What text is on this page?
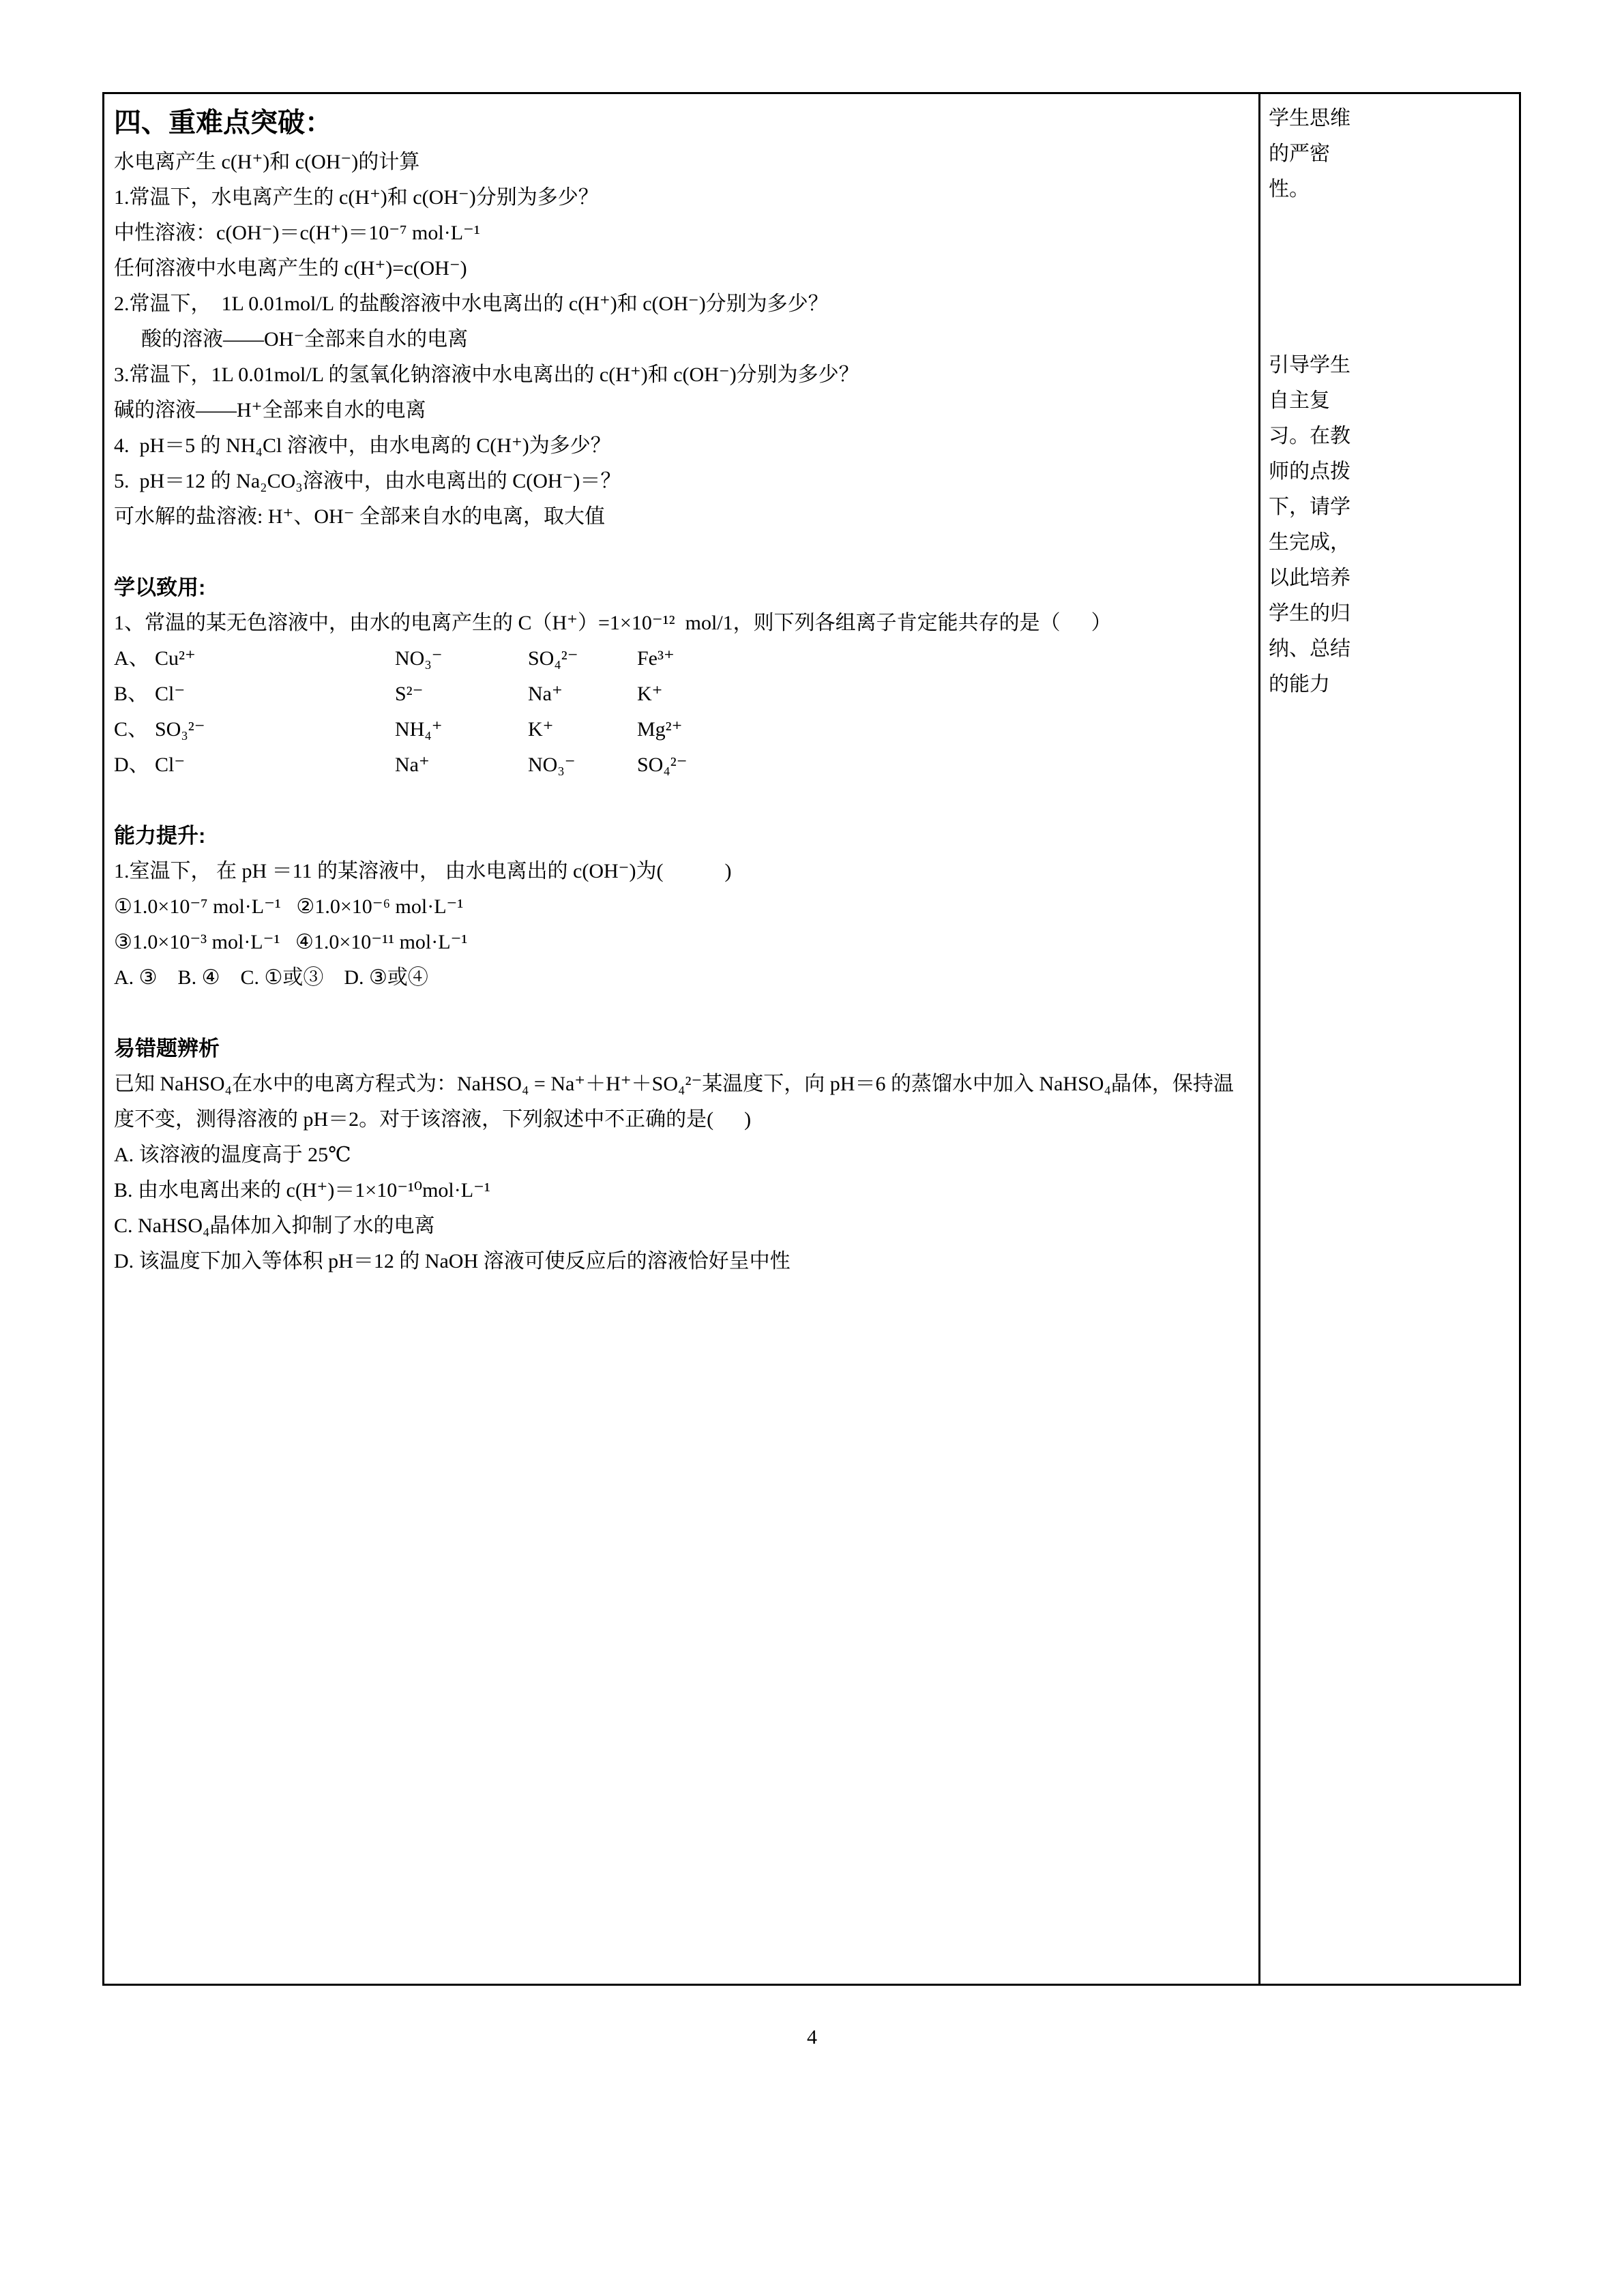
四、重难点突破：
水电离产生 c(H⁺)和 c(OH⁻)的计算
1.常温下，水电离产生的 c(H⁺)和 c(OH⁻)分别为多少？
中性溶液：c(OH⁻)＝c(H⁺)＝10⁻⁷ mol·L⁻¹
任何溶液中水电离产生的 c(H⁺)=c(OH⁻)
2.常温下，  1L 0.01mol/L 的盐酸溶液中水电离出的 c(H⁺)和 c(OH⁻)分别为多少？
酸的溶液——OH⁻全部来自水的电离
3.常温下，1L 0.01mol/L 的氢氧化钠溶液中水电离出的 c(H⁺)和 c(OH⁻)分别为多少？
碱的溶液——H⁺全部来自水的电离
4.  pH＝5 的 NH₄Cl 溶液中，由水电离的 C(H⁺)为多少？
5.  pH＝12 的 Na₂CO₃溶液中，由水电离出的 C(OH⁻)＝？
可水解的盐溶液: H⁺、OH⁻ 全部来自水的电离，取大值
学以致用:
1、常温的某无色溶液中，由水的电离产生的 C（H⁺）=1×10⁻¹²  mol/1，则下列各组离子肯定能共存的是（      ）
A、 Cu²⁺	NO₃⁻	SO₄²⁻	Fe³⁺
B、 Cl⁻	S²⁻	Na⁺	K⁺
C、 SO₃²⁻	NH₄⁺	K⁺	Mg²⁺
D、 Cl⁻	Na⁺	NO₃⁻	SO₄²⁻
能力提升:
1.室温下， 在 pH ＝11 的某溶液中， 由水电离出的 c(OH⁻)为(            )
①1.0×10⁻⁷ mol·L⁻¹   ②1.0×10⁻⁶ mol·L⁻¹
③1.0×10⁻³ mol·L⁻¹   ④1.0×10⁻¹¹ mol·L⁻¹
A. ③    B. ④    C. ①或③    D. ③或④
易错题辨析
已知 NaHSO₄在水中的电离方程式为：NaHSO₄ = Na⁺＋H⁺＋SO₄²⁻某温度下，向 pH＝6 的蒸馏水中加入 NaHSO₄晶体，保持温度不变，测得溶液的 pH＝2。对于该溶液，下列叙述中不正确的是(      )
A. 该溶液的温度高于 25℃
B. 由水电离出来的 c(H⁺)＝1×10⁻¹⁰mol·L⁻¹
C. NaHSO₄晶体加入抑制了水的电离
D. 该温度下加入等体积 pH＝12 的 NaOH 溶液可使反应后的溶液恰好呈中性
学生思维
的严密
性。
引导学生
自主复
习。在教
师的点拨
下，请学
生完成，
以此培养
学生的归
纳、总结
的能力
4
